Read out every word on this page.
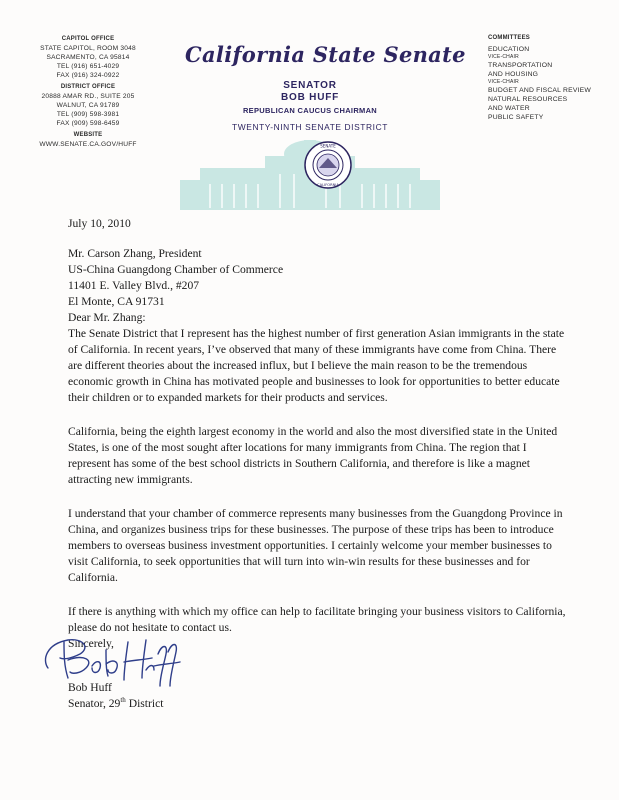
CAPITOL OFFICE
STATE CAPITOL, ROOM 3048
SACRAMENTO, CA 95814
TEL (916) 651-4029
FAX (916) 324-0922
DISTRICT OFFICE
20888 AMAR RD., SUITE 205
WALNUT, CA 91789
TEL (909) 598-3981
FAX (909) 598-6459
WEBSITE
WWW.SENATE.CA.GOV/HUFF
California State Senate
SENATOR
BOB HUFF
REPUBLICAN CAUCUS CHAIRMAN
TWENTY-NINTH SENATE DISTRICT
SENATE
CALIFORNIA
COMMITTEES
EDUCATION
VICE-CHAIR
TRANSPORTATION
AND HOUSING
VICE-CHAIR
BUDGET AND FISCAL REVIEW
NATURAL RESOURCES
AND WATER
PUBLIC SAFETY

July 10, 2010

Mr. Carson Zhang, President

US-China Guangdong Chamber of Commerce

11401 E. Valley Blvd., #207

El Monte, CA 91731

Dear Mr. Zhang:

The Senate District that I represent has the highest number of first generation Asian immigrants in the state of California. In recent years, I’ve observed that many of these immigrants have come from China. There are different theories about the increased influx, but I believe the main reason to be the tremendous economic growth in China has motivated people and businesses to look for opportunities to better educate their children or to expanded markets for their products and services.

California, being the eighth largest economy in the world and also the most diversified state in the United States, is one of the most sought after locations for many immigrants from China. The region that I represent has some of the best school districts in Southern California, and therefore is like a magnet attracting new immigrants.

I understand that your chamber of commerce represents many businesses from the Guangdong Province in China, and organizes business trips for these businesses. The purpose of these trips has been to introduce members to overseas business investment opportunities. I certainly welcome your member businesses to visit California, to seek opportunities that will turn into win-win results for these businesses and for California.

If there is anything with which my office can help to facilitate bringing your business visitors to California, please do not hesitate to contact us.

Sincerely,

Bob Huff
Senator, 29th District
